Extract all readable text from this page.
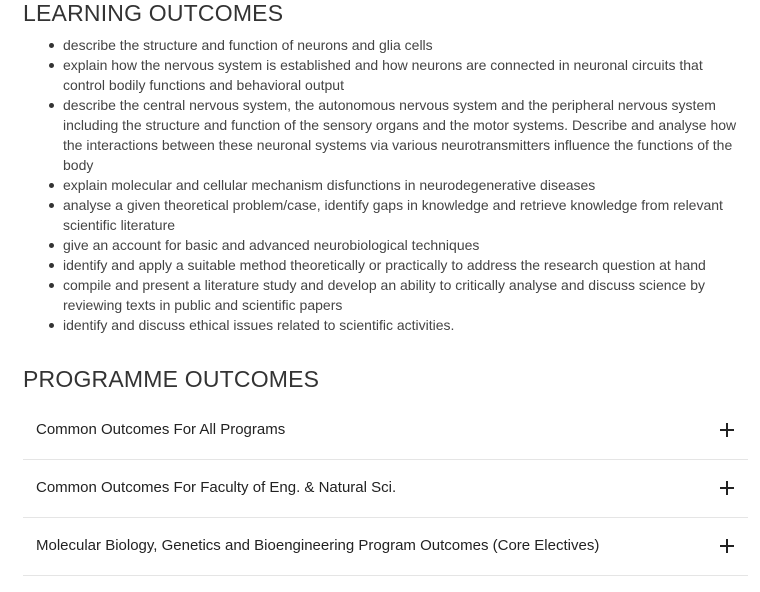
LEARNING OUTCOMES
describe the structure and function of neurons and glia cells
explain how the nervous system is established and how neurons are connected in neuronal circuits that control bodily functions and behavioral output
describe the central nervous system, the autonomous nervous system and the peripheral nervous system including the structure and function of the sensory organs and the motor systems. Describe and analyse how the interactions between these neuronal systems via various neurotransmitters influence the functions of the body
explain molecular and cellular mechanism disfunctions in neurodegenerative diseases
analyse a given theoretical problem/case, identify gaps in knowledge and retrieve knowledge from relevant scientific literature
give an account for basic and advanced neurobiological techniques
identify and apply a suitable method theoretically or practically to address the research question at hand
compile and present a literature study and develop an ability to critically analyse and discuss science by reviewing texts in public and scientific papers
identify and discuss ethical issues related to scientific activities.
PROGRAMME OUTCOMES
Common Outcomes For All Programs
Common Outcomes For Faculty of Eng. & Natural Sci.
Molecular Biology, Genetics and Bioengineering Program Outcomes (Core Electives)
